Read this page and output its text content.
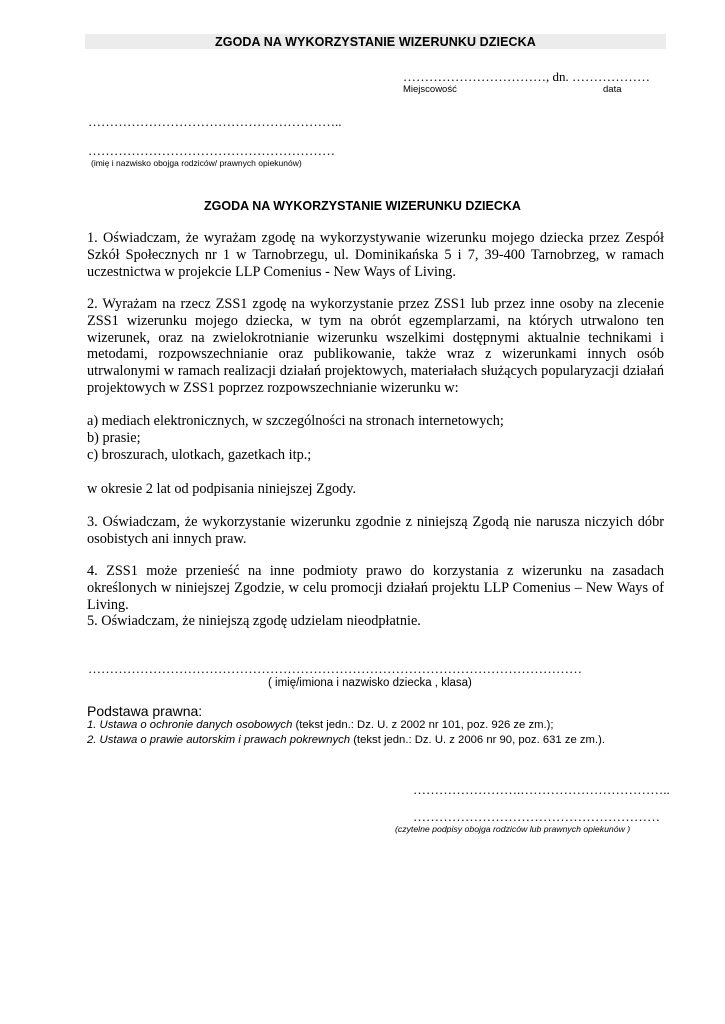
ZGODA NA WYKORZYSTANIE WIZERUNKU DZIECKA
……………………………, dn. ………………
Miejscowość	data
…………………………………………………..
…………………………………………………
(imię i nazwisko obojga rodziców/ prawnych opiekunów)
ZGODA NA WYKORZYSTANIE WIZERUNKU DZIECKA

1. Oświadczam, że wyrażam zgodę na wykorzystywanie wizerunku mojego dziecka przez Zespół Szkół Społecznych nr 1 w Tarnobrzegu, ul. Dominikańska 5 i 7, 39-400 Tarnobrzeg, w ramach uczestnictwa w projekcie LLP Comenius - New Ways of Living.

2. Wyrażam na rzecz ZSS1 zgodę na wykorzystanie przez ZSS1 lub przez inne osoby na zlecenie ZSS1 wizerunku mojego dziecka, w tym na obrót egzemplarzami, na których utrwalono ten wizerunek, oraz na zwielokrotnianie wizerunku wszelkimi dostępnymi aktualnie technikami i metodami, rozpowszechnianie oraz publikowanie, także wraz z wizerunkami innych osób utrwalonymi w ramach realizacji działań projektowych, materiałach służących popularyzacji działań projektowych w ZSS1 poprzez rozpowszechnianie wizerunku w:

a) mediach elektronicznych, w szczególności na stronach internetowych;

b) prasie;

c) broszurach, ulotkach, gazetkach itp.;

w okresie 2 lat od podpisania niniejszej Zgody.

3. Oświadczam, że wykorzystanie wizerunku zgodnie z niniejszą Zgodą nie narusza niczyich dóbr osobistych ani innych praw.

4. ZSS1 może przenieść na inne podmioty prawo do korzystania z wizerunku na zasadach określonych w niniejszej Zgodzie, w celu promocji działań projektu LLP Comenius – New Ways of Living.

5. Oświadczam, że niniejszą zgodę udzielam nieodpłatnie.

……………………………………………………………………………………………………
( imię/imiona i nazwisko dziecka , klasa)
Podstawa prawna:
1. Ustawa o ochronie danych osobowych (tekst jedn.: Dz. U. z 2002 nr 101, poz. 926 ze zm.);
2. Ustawa o prawie autorskim i prawach pokrewnych (tekst jedn.: Dz. U. z 2006 nr 90, poz. 631 ze zm.).
…………………….……………………………..
…………………………………………………
(czytelne podpisy obojga rodziców lub prawnych opiekunów )
